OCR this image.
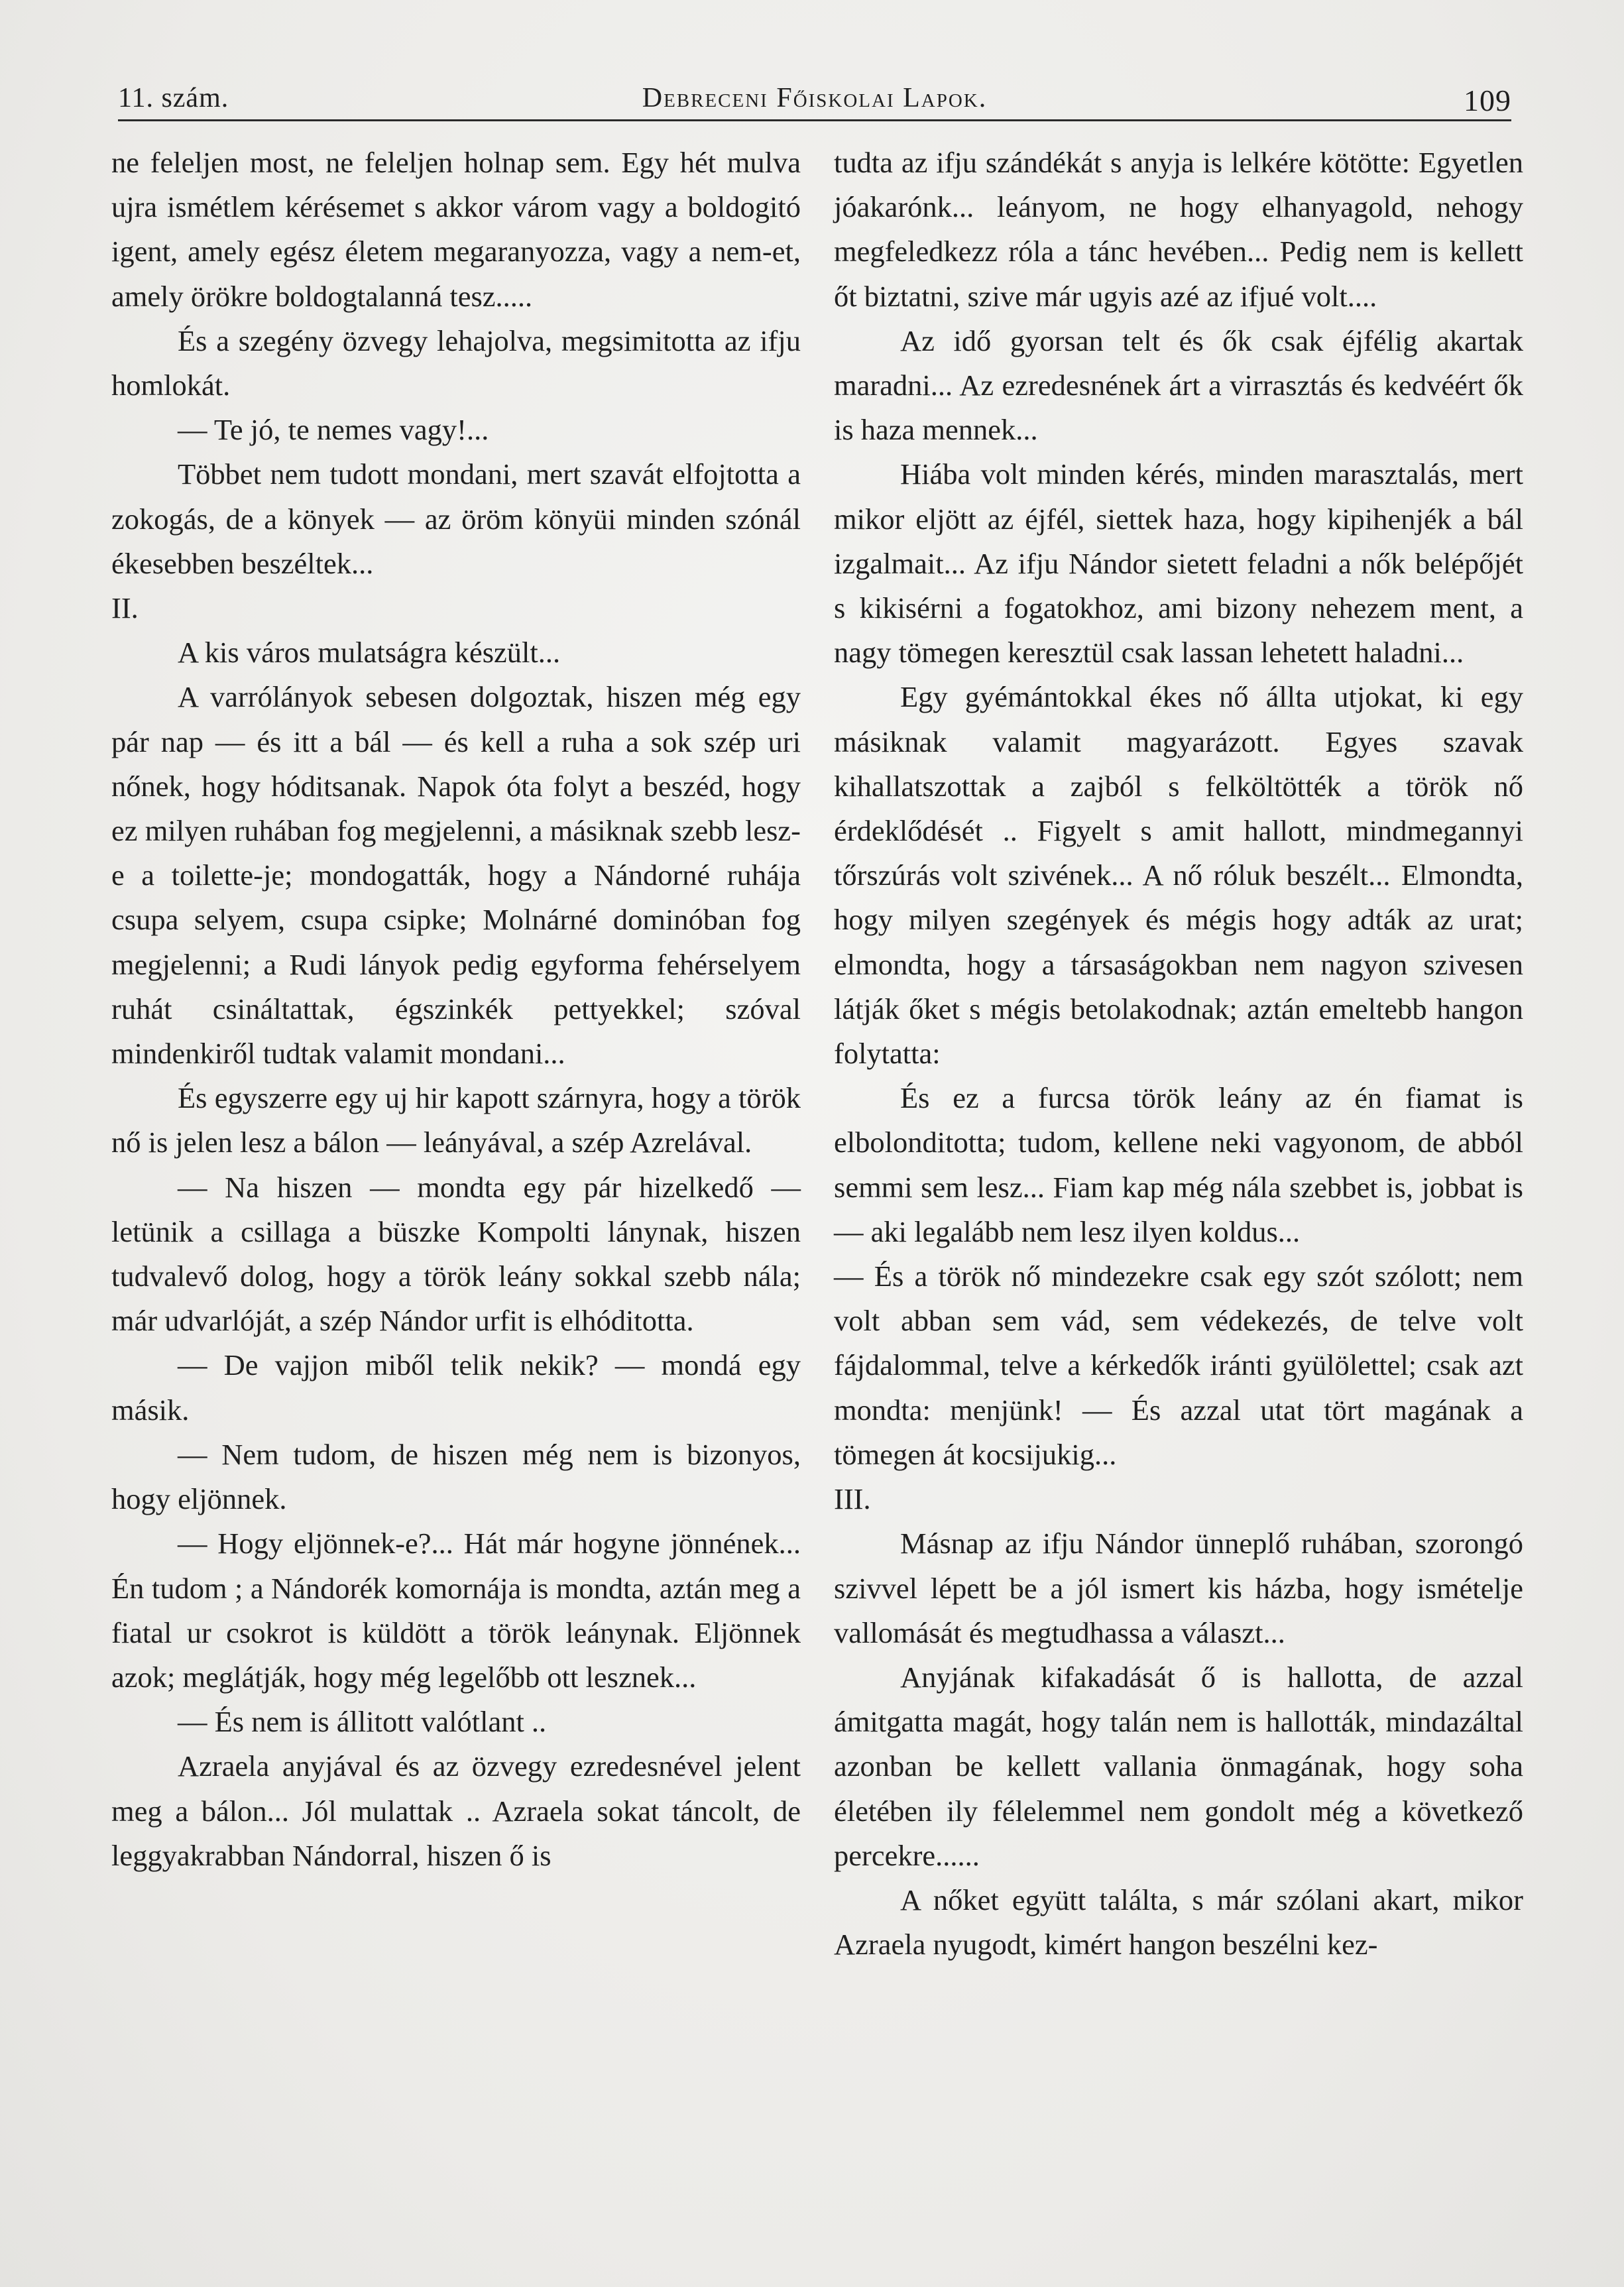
11. szám.	Debreceni Főiskolai Lapok.	109

ne feleljen most, ne feleljen holnap sem. Egy hét mulva ujra ismétlem kérésemet s akkor várom vagy a boldogitó igent, amely egész életem megaranyozza, vagy a nem-et, amely örökre boldogtalanná tesz.....

És a szegény özvegy lehajolva, megsimitotta az ifju homlokát.

— Te jó, te nemes vagy!...

Többet nem tudott mondani, mert szavát elfojtotta a zokogás, de a könyek — az öröm könyüi minden szónál ékesebben beszéltek...

II.

A kis város mulatságra készült...

A varrólányok sebesen dolgoztak, hiszen még egy pár nap — és itt a bál — és kell a ruha a sok szép uri nőnek, hogy hóditsanak. Napok óta folyt a beszéd, hogy ez milyen ruhában fog megjelenni, a másiknak szebb lesz-e a toilette-je; mondogatták, hogy a Nándorné ruhája csupa selyem, csupa csipke; Molnárné dominóban fog megjelenni; a Rudi lányok pedig egyforma fehérselyem ruhát csináltattak, égszinkék pettyekkel; szóval mindenkiről tudtak valamit mondani...

És egyszerre egy uj hir kapott szárnyra, hogy a török nő is jelen lesz a bálon — leányával, a szép Azrelával.

— Na hiszen — mondta egy pár hizelkedő — letünik a csillaga a büszke Kompolti lánynak, hiszen tudvalevő dolog, hogy a török leány sokkal szebb nála; már udvarlóját, a szép Nándor urfit is elhóditotta.

— De vajjon miből telik nekik? — mondá egy másik.

— Nem tudom, de hiszen még nem is bizonyos, hogy eljönnek.

— Hogy eljönnek-e?... Hát már hogyne jönnének... Én tudom ; a Nándorék komornája is mondta, aztán meg a fiatal ur csokrot is küldött a török leánynak. Eljönnek azok; meglátják, hogy még legelőbb ott lesznek...

— És nem is állitott valótlant ..

Azraela anyjával és az özvegy ezredesnével jelent meg a bálon... Jól mulattak .. Azraela sokat táncolt, de leggyakrabban Nándorral, hiszen ő is

tudta az ifju szándékát s anyja is lelkére kötötte: Egyetlen jóakarónk... leányom, ne hogy elhanyagold, nehogy megfeledkezz róla a tánc hevében... Pedig nem is kellett őt biztatni, szive már ugyis azé az ifjué volt....

Az idő gyorsan telt és ők csak éjfélig akartak maradni... Az ezredesnének árt a virrasztás és kedvéért ők is haza mennek...

Hiába volt minden kérés, minden marasztalás, mert mikor eljött az éjfél, siettek haza, hogy kipihenjék a bál izgalmait... Az ifju Nándor sietett feladni a nők belépőjét s kikisérni a fogatokhoz, ami bizony nehezem ment, a nagy tömegen keresztül csak lassan lehetett haladni...

Egy gyémántokkal ékes nő állta utjokat, ki egy másiknak valamit magyarázott. Egyes szavak kihallatszottak a zajból s felköltötték a török nő érdeklődését .. Figyelt s amit hallott, mindmegannyi tőrszúrás volt szivének... A nő róluk beszélt... Elmondta, hogy milyen szegények és mégis hogy adták az urat; elmondta, hogy a társaságokban nem nagyon szivesen látják őket s mégis betolakodnak; aztán emeltebb hangon folytatta:

És ez a furcsa török leány az én fiamat is elbolonditotta; tudom, kellene neki vagyonom, de abból semmi sem lesz... Fiam kap még nála szebbet is, jobbat is — aki legalább nem lesz ilyen koldus...

— És a török nő mindezekre csak egy szót szólott; nem volt abban sem vád, sem védekezés, de telve volt fájdalommal, telve a kérkedők iránti gyülölettel; csak azt mondta: menjünk! — És azzal utat tört magának a tömegen át kocsijukig...

III.

Másnap az ifju Nándor ünneplő ruhában, szorongó szivvel lépett be a jól ismert kis házba, hogy ismételje vallomását és megtudhassa a választ...

Anyjának kifakadását ő is hallotta, de azzal ámitgatta magát, hogy talán nem is hallották, mindazáltal azonban be kellett vallania önmagának, hogy soha életében ily félelemmel nem gondolt még a következő percekre......

A nőket együtt találta, s már szólani akart, mikor Azraela nyugodt, kimért hangon beszélni kez-
